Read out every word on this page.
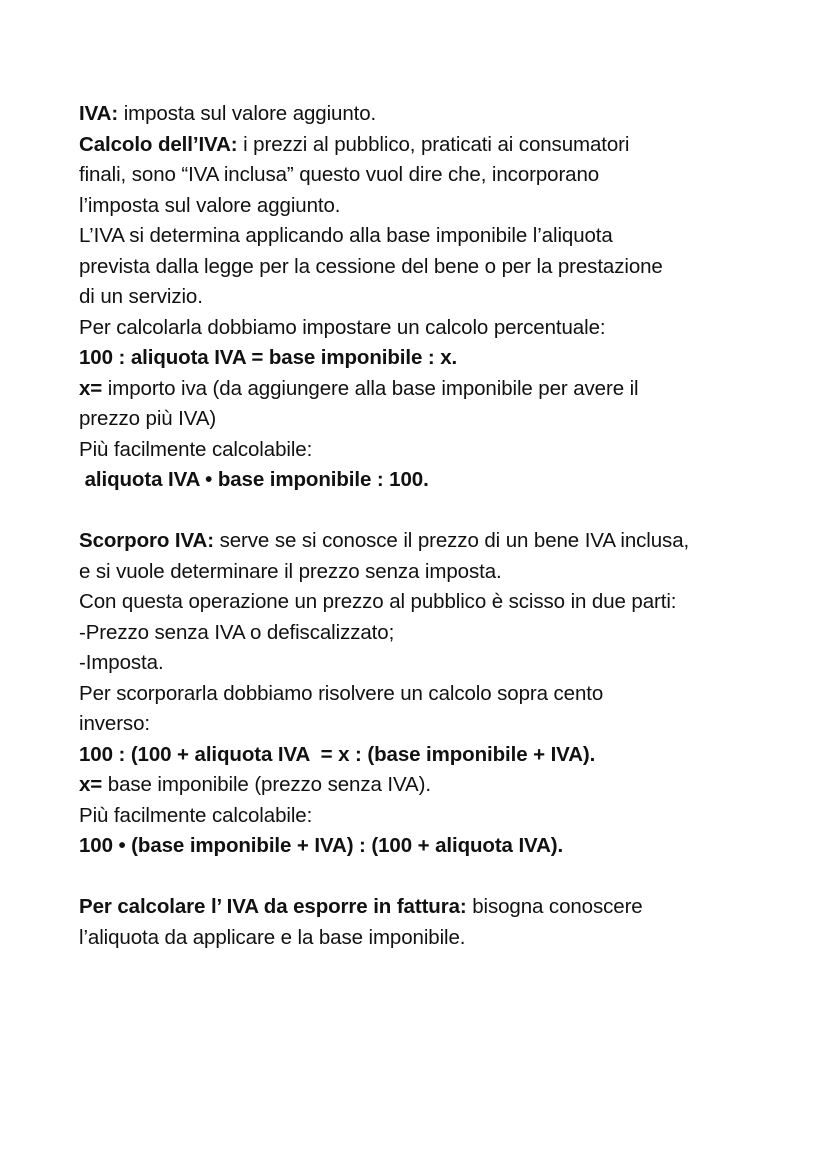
IVA: imposta sul valore aggiunto.
Calcolo dell’IVA: i prezzi al pubblico, praticati ai consumatori
finali, sono “IVA inclusa” questo vuol dire che, incorporano
l’imposta sul valore aggiunto.
L’IVA si determina applicando alla base imponibile l’aliquota
prevista dalla legge per la cessione del bene o per la prestazione
di un servizio.
Per calcolarla dobbiamo impostare un calcolo percentuale:
100 : aliquota IVA = base imponibile : x.
x= importo iva (da aggiungere alla base imponibile per avere il
prezzo più IVA)
Più facilmente calcolabile:
aliquota IVA • base imponibile : 100.
Scorporo IVA: serve se si conosce il prezzo di un bene IVA inclusa,
e si vuole determinare il prezzo senza imposta.
Con questa operazione un prezzo al pubblico è scisso in due parti:
-Prezzo senza IVA o defiscalizzato;
-Imposta.
Per scorporarla dobbiamo risolvere un calcolo sopra cento
inverso:
100 : (100 + aliquota IVA  = x : (base imponibile + IVA).
x= base imponibile (prezzo senza IVA).
Più facilmente calcolabile:
100 • (base imponibile + IVA) : (100 + aliquota IVA).
Per calcolare l’ IVA da esporre in fattura: bisogna conoscere
l’aliquota da applicare e la base imponibile.
